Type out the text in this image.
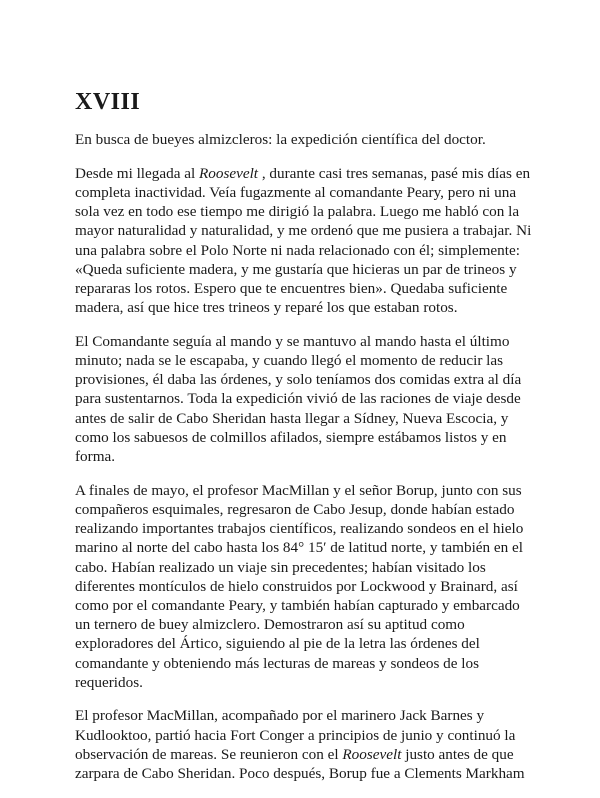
XVIII

En busca de bueyes almizcleros: la expedición científica del doctor.

Desde mi llegada al Roosevelt , durante casi tres semanas, pasé mis días en completa inactividad. Veía fugazmente al comandante Peary, pero ni una sola vez en todo ese tiempo me dirigió la palabra. Luego me habló con la mayor naturalidad y naturalidad, y me ordenó que me pusiera a trabajar. Ni una palabra sobre el Polo Norte ni nada relacionado con él; simplemente: «Queda suficiente madera, y me gustaría que hicieras un par de trineos y repararas los rotos. Espero que te encuentres bien». Quedaba suficiente madera, así que hice tres trineos y reparé los que estaban rotos.

El Comandante seguía al mando y se mantuvo al mando hasta el último minuto; nada se le escapaba, y cuando llegó el momento de reducir las provisiones, él daba las órdenes, y solo teníamos dos comidas extra al día para sustentarnos. Toda la expedición vivió de las raciones de viaje desde antes de salir de Cabo Sheridan hasta llegar a Sídney, Nueva Escocia, y como los sabuesos de colmillos afilados, siempre estábamos listos y en forma.

A finales de mayo, el profesor MacMillan y el señor Borup, junto con sus compañeros esquimales, regresaron de Cabo Jesup, donde habían estado realizando importantes trabajos científicos, realizando sondeos en el hielo marino al norte del cabo hasta los 84° 15′ de latitud norte, y también en el cabo. Habían realizado un viaje sin precedentes; habían visitado los diferentes montículos de hielo construidos por Lockwood y Brainard, así como por el comandante Peary, y también habían capturado y embarcado un ternero de buey almizclero. Demostraron así su aptitud como exploradores del Ártico, siguiendo al pie de la letra las órdenes del comandante y obteniendo más lecturas de mareas y sondeos de los requeridos.

El profesor MacMillan, acompañado por el marinero Jack Barnes y Kudlooktoo, partió hacia Fort Conger a principios de junio y continuó la observación de mareas. Se reunieron con el Roosevelt justo antes de que zarpara de Cabo Sheridan. Poco después, Borup fue a Clements Markham
